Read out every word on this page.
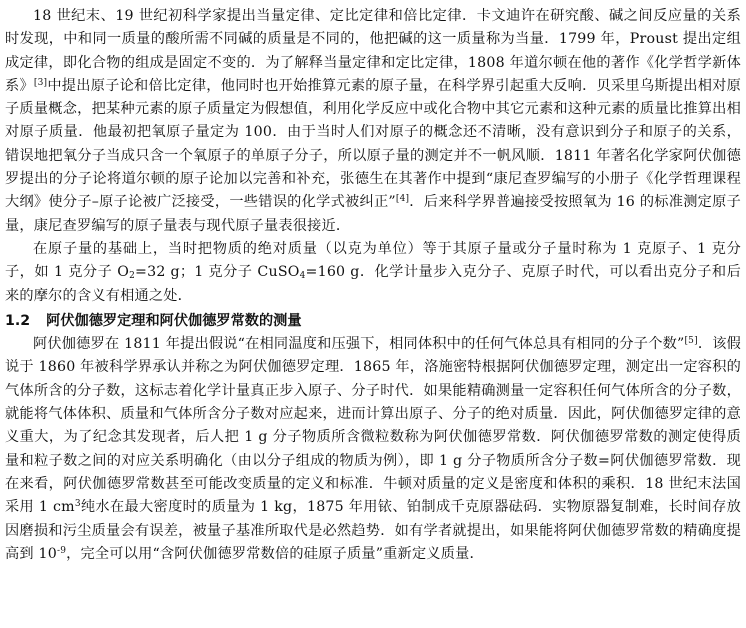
18 世纪末、19 世纪初科学家提出当量定律、定比定律和倍比定律．卡文迪许在研究酸、碱之间反应量的关系时发现，中和同一质量的酸所需不同碱的质量是不同的，他把碱的这一质量称为当量．1799 年，Proust 提出定组成定律，即化合物的组成是固定不变的．为了解释当量定律和定比定律，1808 年道尔顿在他的著作《化学哲学新体系》[3]中提出原子论和倍比定律，他同时也开始推算元素的原子量，在科学界引起重大反响．贝采里乌斯提出相对原子质量概念，把某种元素的原子质量定为假想值，利用化学反应中或化合物中其它元素和这种元素的质量比推算出相对原子质量．他最初把氧原子量定为 100．由于当时人们对原子的概念还不清晰，没有意识到分子和原子的关系，错误地把氧分子当成只含一个氧原子的单原子分子，所以原子量的测定并不一帆风顺．1811 年著名化学家阿伏伽德罗提出的分子论将道尔顿的原子论加以完善和补充，张德生在其著作中提到“康尼查罗编写的小册子《化学哲理课程大纲》使分子–原子论被广泛接受，一些错误的化学式被纠正”[4]．后来科学界普遍接受按照氧为 16 的标准测定原子量，康尼查罗编写的原子量表与现代原子量表很接近．

在原子量的基础上，当时把物质的绝对质量（以克为单位）等于其原子量或分子量时称为 1 克原子、1 克分子，如 1 克分子 $O_2=32$ g；1 克分子 CuSO$_4$=160 g．化学计量步入克分子、克原子时代，可以看出克分子和后来的摩尔的含义有相通之处．

1.2 阿伏伽德罗定理和阿伏伽德罗常数的测量

阿伏伽德罗在 1811 年提出假说“在相同温度和压强下，相同体积中的任何气体总具有相同的分子个数”[5]．该假说于 1860 年被科学界承认并称之为阿伏伽德罗定理．1865 年，洛施密特根据阿伏伽德罗定理，测定出一定容积的气体所含的分子数，这标志着化学计量真正步入原子、分子时代．如果能精确测量一定容积任何气体所含的分子数，就能将气体体积、质量和气体所含分子数对应起来，进而计算出原子、分子的绝对质量．因此，阿伏伽德罗定律的意义重大，为了纪念其发现者，后人把 1 g 分子物质所含微粒数称为阿伏伽德罗常数．阿伏伽德罗常数的测定使得质量和粒子数之间的对应关系明确化（由以分子组成的物质为例），即 1 g 分子物质所含分子数=阿伏伽德罗常数．现在来看，阿伏伽德罗常数甚至可能改变质量的定义和标准．牛顿对质量的定义是密度和体积的乘积．18 世纪末法国采用 1 $cm^3$纯水在最大密度时的质量为 1 kg，1875 年用铱、铂制成千克原器砝码．实物原器复制难，长时间存放因磨损和污尘质量会有误差，被量子基准所取代是必然趋势．如有学者就提出，如果能将阿伏伽德罗常数的精确度提高到 $10^{-9}$，完全可以用“含阿伏伽德罗常数倍的硅原子质量”重新定义质量．
